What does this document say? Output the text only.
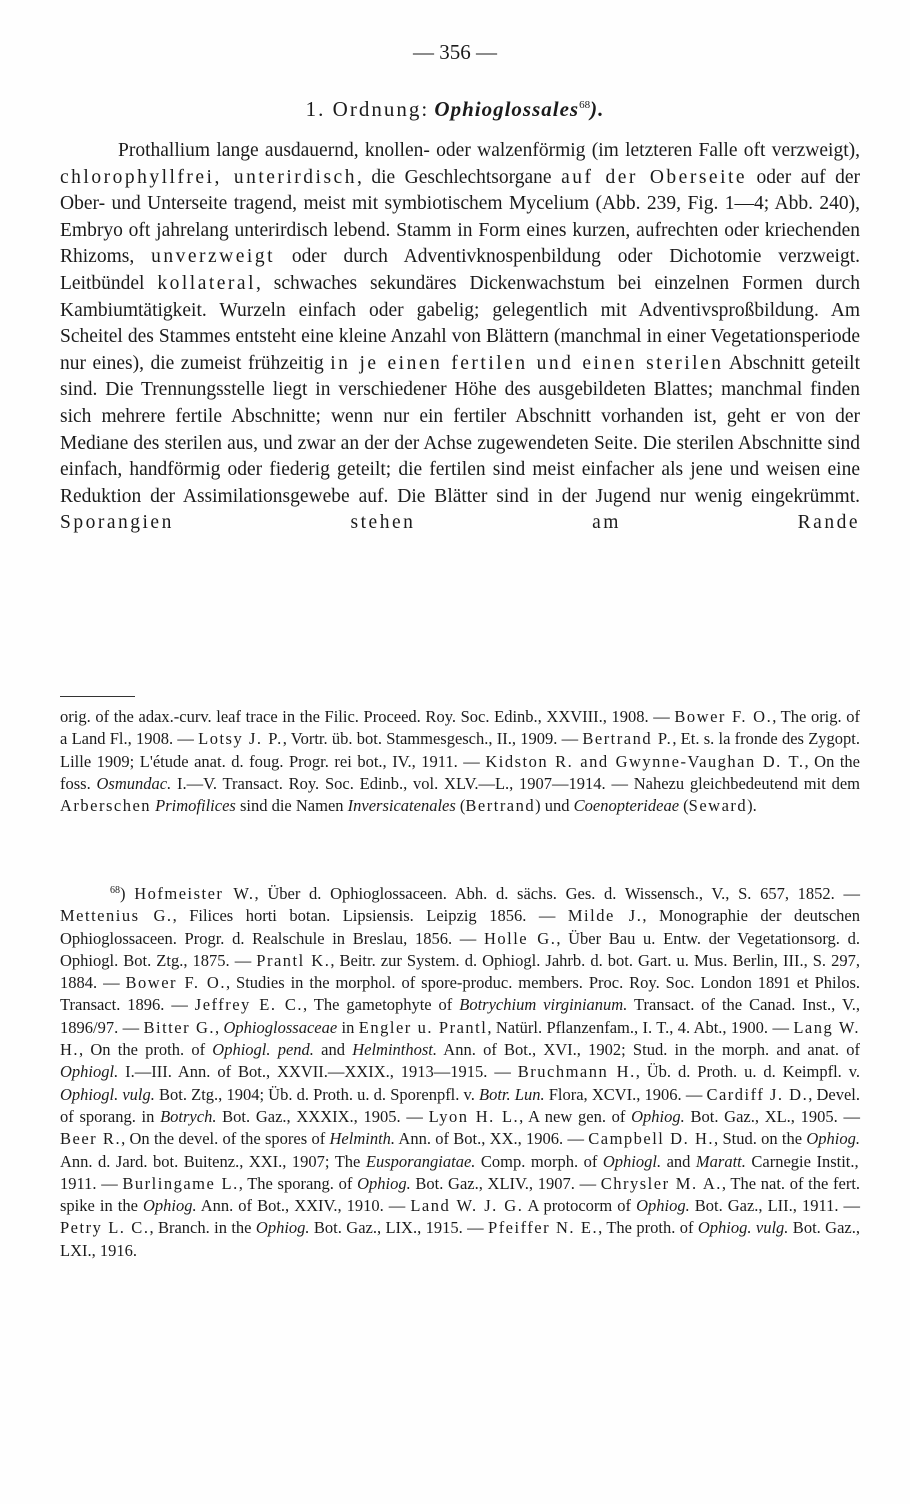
— 356 —
1. Ordnung: Ophioglossales$^{68}$).
Prothallium lange ausdauernd, knollen- oder walzenförmig (im letzteren Falle oft verzweigt), chlorophyllfrei, unterirdisch, die Geschlechtsorgane auf der Oberseite oder auf der Ober- und Unterseite tragend, meist mit symbiotischem Mycelium (Abb. 239, Fig. 1—4; Abb. 240), Embryo oft jahrelang unterirdisch lebend. Stamm in Form eines kurzen, aufrechten oder kriechenden Rhizoms, unverzweigt oder durch Adventivknospenbildung oder Dichotomie verzweigt. Leitbündel kollateral, schwaches sekundäres Dickenwachstum bei einzelnen Formen durch Kambiumtätigkeit. Wurzeln einfach oder gabelig; gelegentlich mit Adventivsproßbildung. Am Scheitel des Stammes entsteht eine kleine Anzahl von Blättern (manchmal in einer Vegetationsperiode nur eines), die zumeist frühzeitig in je einen fertilen und einen sterilen Abschnitt geteilt sind. Die Trennungsstelle liegt in verschiedener Höhe des ausgebildeten Blattes; manchmal finden sich mehrere fertile Abschnitte; wenn nur ein fertiler Abschnitt vorhanden ist, geht er von der Mediane des sterilen aus, und zwar an der der Achse zugewendeten Seite. Die sterilen Abschnitte sind einfach, handförmig oder fiederig geteilt; die fertilen sind meist einfacher als jene und weisen eine Reduktion der Assimilationsgewebe auf. Die Blätter sind in der Jugend nur wenig eingekrümmt. Sporangien stehen am Rande
orig. of the adax.-curv. leaf trace in the Filic. Proceed. Roy. Soc. Edinb., XXVIII., 1908. — Bower F. O., The orig. of a Land Fl., 1908. — Lotsy J. P., Vortr. üb. bot. Stammesgesch., II., 1909. — Bertrand P., Et. s. la fronde des Zygopt. Lille 1909; L'étude anat. d. foug. Progr. rei bot., IV., 1911. — Kidston R. and Gwynne-Vaughan D. T., On the foss. Osmundac. I.—V. Transact. Roy. Soc. Edinb., vol. XLV.—L., 1907—1914. — Nahezu gleichbedeutend mit dem Arberschen Primofilices sind die Namen Inversicatenales (Bertrand) und Coenopterideae (Seward).
$^{68}$) Hofmeister W., Über d. Ophioglossaceen. Abh. d. sächs. Ges. d. Wissensch., V., S. 657, 1852. — Mettenius G., Filices horti botan. Lipsiensis. Leipzig 1856. — Milde J., Monographie der deutschen Ophioglossaceen. Progr. d. Realschule in Breslau, 1856. — Holle G., Über Bau u. Entw. der Vegetationsorg. d. Ophiogl. Bot. Ztg., 1875. — Prantl K., Beitr. zur System. d. Ophiogl. Jahrb. d. bot. Gart. u. Mus. Berlin, III., S. 297, 1884. — Bower F. O., Studies in the morphol. of spore-produc. members. Proc. Roy. Soc. London 1891 et Philos. Transact. 1896. — Jeffrey E. C., The gametophyte of Botrychium virginianum. Transact. of the Canad. Inst., V., 1896/97. — Bitter G., Ophioglossaceae in Engler u. Prantl, Natürl. Pflanzenfam., I. T., 4. Abt., 1900. — Lang W. H., On the proth. of Ophiogl. pend. and Helminthost. Ann. of Bot., XVI., 1902; Stud. in the morph. and anat. of Ophiogl. I.—III. Ann. of Bot., XXVII.—XXIX., 1913—1915. — Bruchmann H., Üb. d. Proth. u. d. Keimpfl. v. Ophiogl. vulg. Bot. Ztg., 1904; Üb. d. Proth. u. d. Sporenpfl. v. Botr. Lun. Flora, XCVI., 1906. — Cardiff J. D., Devel. of sporang. in Botrych. Bot. Gaz., XXXIX., 1905. — Lyon H. L., A new gen. of Ophiog. Bot. Gaz., XL., 1905. — Beer R., On the devel. of the spores of Helminth. Ann. of Bot., XX., 1906. — Campbell D. H., Stud. on the Ophiog. Ann. d. Jard. bot. Buitenz., XXI., 1907; The Eusporangiatae. Comp. morph. of Ophiogl. and Maratt. Carnegie Instit., 1911. — Burlingame L., The sporang. of Ophiog. Bot. Gaz., XLIV., 1907. — Chrysler M. A., The nat. of the fert. spike in the Ophiog. Ann. of Bot., XXIV., 1910. — Land W. J. G. A protocorm of Ophiog. Bot. Gaz., LII., 1911. — Petry L. C., Branch. in the Ophiog. Bot. Gaz., LIX., 1915. — Pfeiffer N. E., The proth. of Ophiog. vulg. Bot. Gaz., LXI., 1916.
